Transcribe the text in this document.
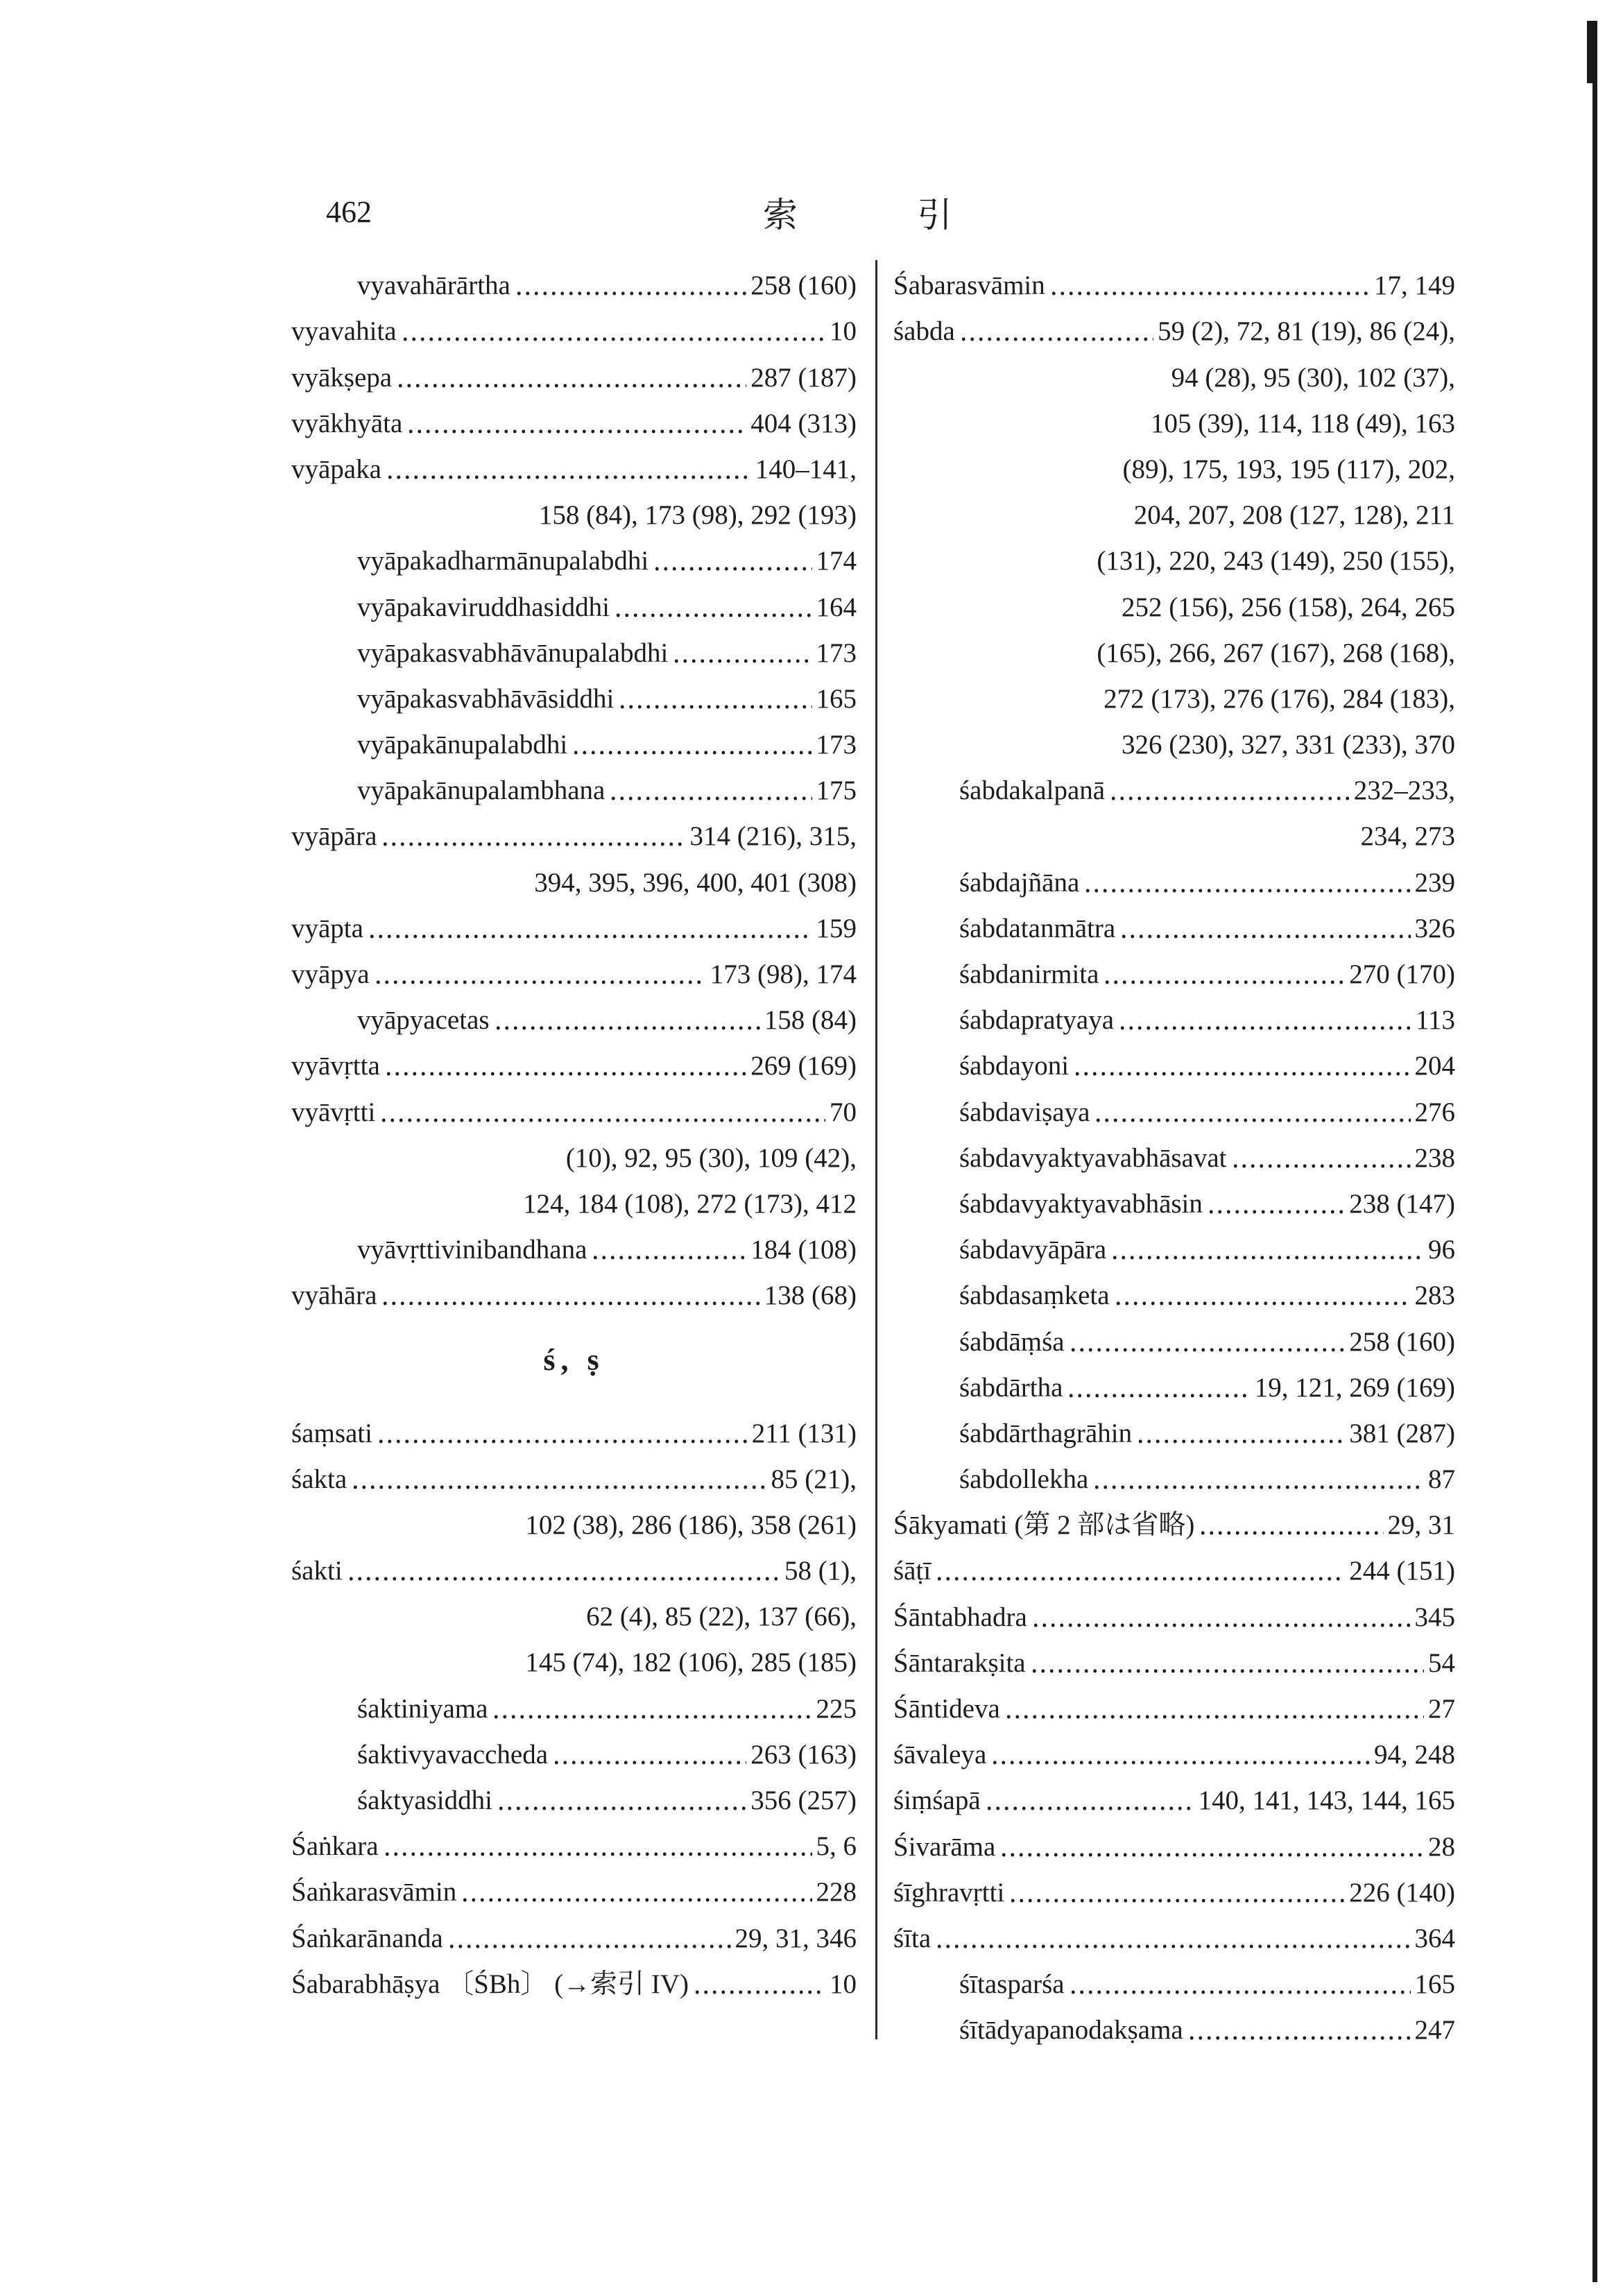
462	索 引
vyavahārārtha	258 (160)
vyavahita	10
vyākṣepa	287 (187)
vyākhyāta	404 (313)
vyāpaka	140–141,
158 (84), 173 (98), 292 (193)
vyāpakadharmānupalabdhi	174
vyāpakaviruddhasiddhi	164
vyāpakasvabhāvānupalabdhi	173
vyāpakasvabhāvāsiddhi	165
vyāpakānupalabdhi	173
vyāpakānupalambhana	175
vyāpāra	314 (216), 315,
394, 395, 396, 400, 401 (308)
vyāpta	159
vyāpya	173 (98), 174
vyāpyacetas	158 (84)
vyāvṛtta	269 (169)
vyāvṛtti	70
(10), 92, 95 (30), 109 (42),
124, 184 (108), 272 (173), 412
vyāvṛttivinibandhana	184 (108)
vyāhāra	138 (68)
ś, ṣ
śaṃsati	211 (131)
śakta	85 (21),
102 (38), 286 (186), 358 (261)
śakti	58 (1),
62 (4), 85 (22), 137 (66),
145 (74), 182 (106), 285 (185)
śaktiniyama	225
śaktivyavaccheda	263 (163)
śaktyasiddhi	356 (257)
Śaṅkara	5, 6
Śaṅkarasvāmin	228
Śaṅkarānanda	29, 31, 346
Śabarabhāṣya 〔ŚBh〕 (→索引 IV)	10
Śabarasvāmin	17, 149
śabda	59 (2), 72, 81 (19), 86 (24),
94 (28), 95 (30), 102 (37),
105 (39), 114, 118 (49), 163
(89), 175, 193, 195 (117), 202,
204, 207, 208 (127, 128), 211
(131), 220, 243 (149), 250 (155),
252 (156), 256 (158), 264, 265
(165), 266, 267 (167), 268 (168),
272 (173), 276 (176), 284 (183),
326 (230), 327, 331 (233), 370
śabdakalpanā	232–233,
234, 273
śabdajñāna	239
śabdatanmātra	326
śabdanirmita	270 (170)
śabdapratyaya	113
śabdayoni	204
śabdaviṣaya	276
śabdavyaktyavabhāsavat	238
śabdavyaktyavabhāsin	238 (147)
śabdavyāpāra	96
śabdasaṃketa	283
śabdāṃśa	258 (160)
śabdārtha	19, 121, 269 (169)
śabdārthagrāhin	381 (287)
śabdollekha	87
Śākyamati (第 2 部は省略)	29, 31
śāṭī	244 (151)
Śāntabhadra	345
Śāntarakṣita	54
Śāntideva	27
śāvaleya	94, 248
śiṃśapā	140, 141, 143, 144, 165
Śivarāma	28
śīghravṛtti	226 (140)
śīta	364
śītasparśa	165
śītādyapanodakṣama	247
